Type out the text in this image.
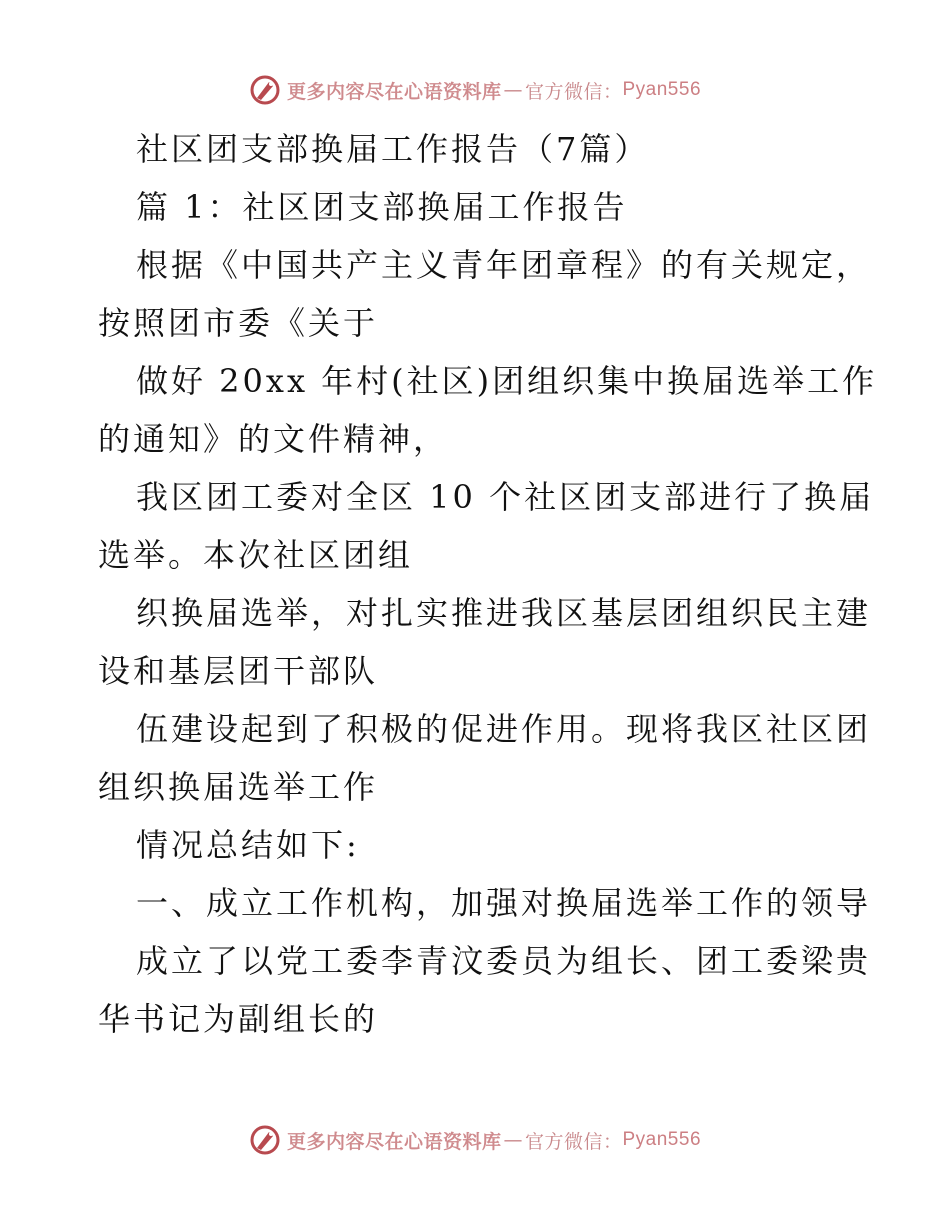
更多内容尽在心语资料库 — 官方微信： Pyan556
社区团支部换届工作报告（7篇）
篇 1：社区团支部换届工作报告
根据《中国共产主义青年团章程》的有关规定，
按照团市委《关于
做好 20xx 年村(社区)团组织集中换届选举工作
的通知》的文件精神，
我区团工委对全区 10 个社区团支部进行了换届
选举。本次社区团组
织换届选举，对扎实推进我区基层团组织民主建
设和基层团干部队
伍建设起到了积极的促进作用。现将我区社区团
组织换届选举工作
情况总结如下:
一、成立工作机构，加强对换届选举工作的领导
成立了以党工委李青汶委员为组长、团工委梁贵
华书记为副组长的
更多内容尽在心语资料库 — 官方微信： Pyan556
